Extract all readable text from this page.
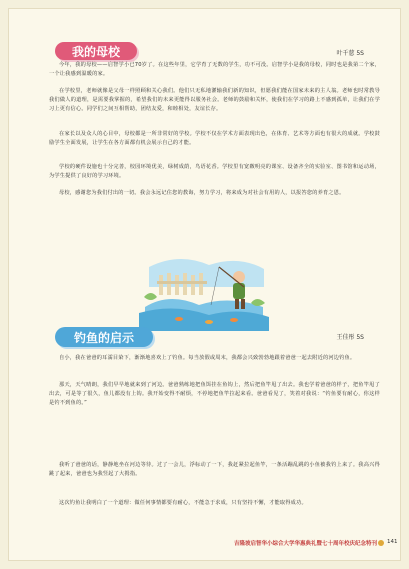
我的母校	叶千慈 5S

今年，我的母校——启智学小已70岁了。在这些年里，它学育了无数的学生，功不可没。启智学小是我的母校，同时也是我第二个家，一个让我感到温暖的家。

在学校里，老师就像是父母一样照顾和关心我们。他们只无私地灌输我们新的知识，但愿我们能在国家未来的主人翁。老师也时常教导我们做人的道理，是需要我掌握的，希望我们的未来更能得以服务社会。老师的鼓励和关怀，使我们在学习的路上不感到孤单，让我们在学习上更有信心。同学们之间互相帮助，团结友爱，和睦相处，友谊长存。

在家长以及众人的心目中，母校都是一所非常好的学校。学校不仅在学术方面表现出色，在体育、艺术等方面也有很大的成就。学校鼓励学生全面发展，让学生在各方面都有机会展示自己的才能。

学校的硬件设施也十分完善，校园环境优美，绿树成荫，鸟语花香。学校里有宽敞明亮的课室、设备齐全的实验室、图书馆和运动场，为学生提供了良好的学习环境。

母校，感谢您为我们付出的一切。我会永远记住您的教诲，努力学习，将来成为对社会有用的人，以报答您的养育之恩。

钓鱼的启示	王佳彤 5S

自小，我在爸爸的耳濡目染下，渐渐地喜欢上了钓鱼。每当放假或周末，我都会兴致勃勃地跟着爸爸一起去附近的河边钓鱼。

那天，天气晴朗，我们早早地就来到了河边。爸爸熟练地把鱼饵挂在鱼钩上，然后把鱼竿甩了出去。我也学着爸爸的样子，把鱼竿甩了出去，可是等了很久，鱼儿都没有上钩。我开始变得不耐烦，不停地把鱼竿拉起来看。爸爸看见了，笑着对我说：“钓鱼要有耐心，你这样是钓不到鱼的。”

我听了爸爸的话，静静地坐在河边等待。过了一会儿，浮标动了一下，我赶紧拉起鱼竿，一条活蹦乱跳的小鱼被我钓上来了。我高兴得跳了起来，爸爸也为我竖起了大拇指。

这次钓鱼让我明白了一个道理：做任何事情都要有耐心，不能急于求成，只有坚持不懈，才能取得成功。

吉隆坡启智华小综合大学华惠典礼暨七十周年校庆纪念特刊 141
